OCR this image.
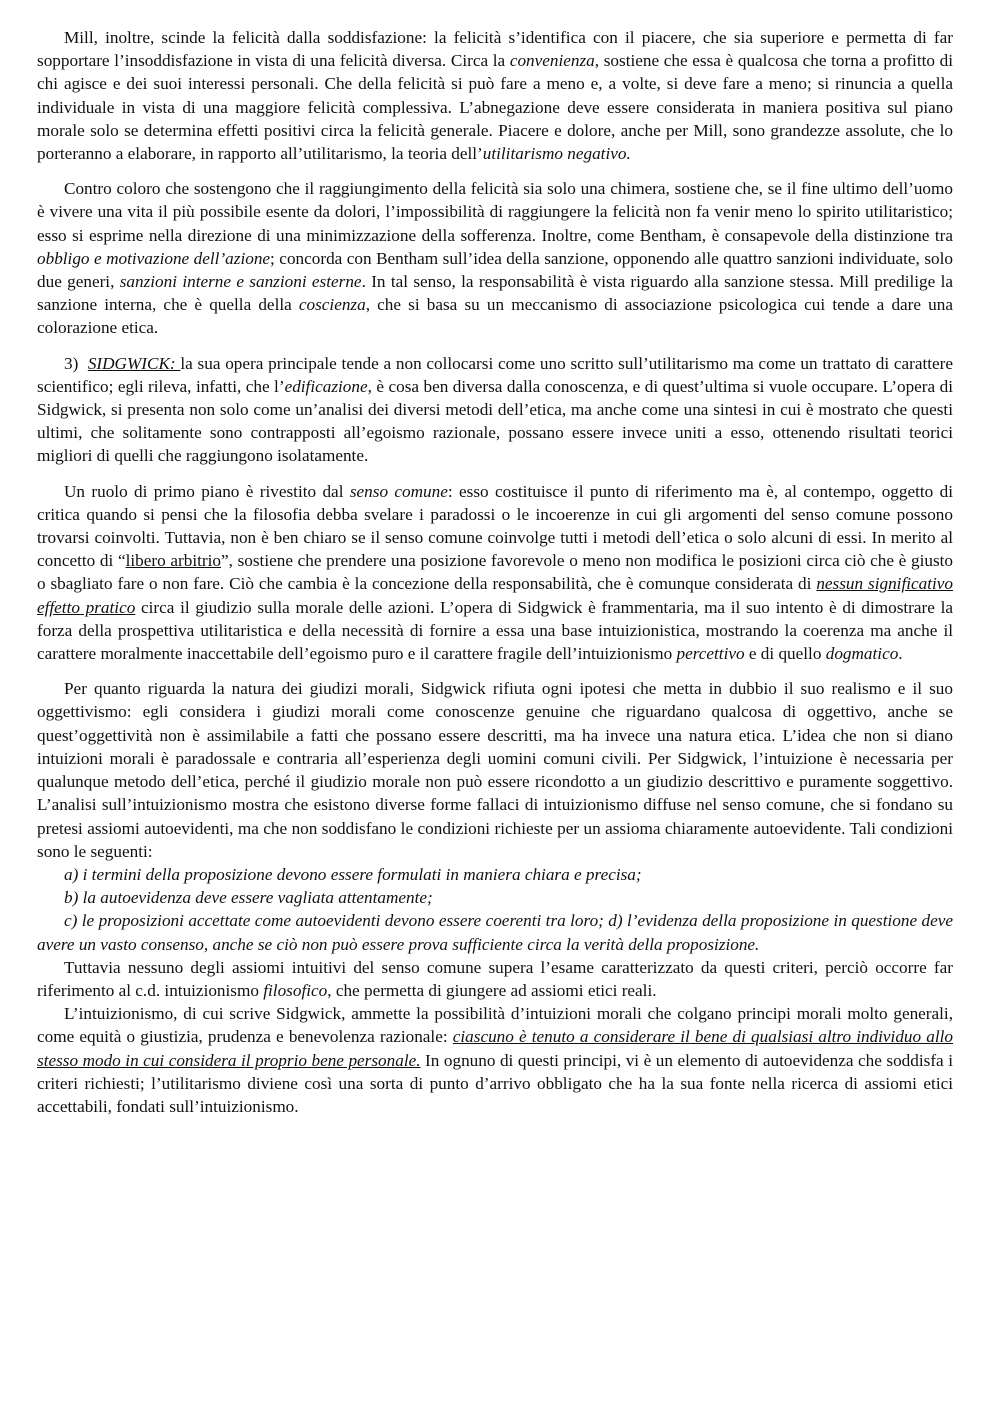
Mill, inoltre, scinde la felicità dalla soddisfazione: la felicità s’identifica con il piacere, che sia superiore e permetta di far sopportare l’insoddisfazione in vista di una felicità diversa. Circa la convenienza, sostiene che essa è qualcosa che torna a profitto di chi agisce e dei suoi interessi personali. Che della felicità si può fare a meno e, a volte, si deve fare a meno; si rinuncia a quella individuale in vista di una maggiore felicità complessiva. L’abnegazione deve essere considerata in maniera positiva sul piano morale solo se determina effetti positivi circa la felicità generale. Piacere e dolore, anche per Mill, sono grandezze assolute, che lo porteranno a elaborare, in rapporto all’utilitarismo, la teoria dell’utilitarismo negativo.

Contro coloro che sostengono che il raggiungimento della felicità sia solo una chimera, sostiene che, se il fine ultimo dell’uomo è vivere una vita il più possibile esente da dolori, l’impossibilità di raggiungere la felicità non fa venir meno lo spirito utilitaristico; esso si esprime nella direzione di una minimizzazione della sofferenza. Inoltre, come Bentham, è consapevole della distinzione tra obbligo e motivazione dell’azione; concorda con Bentham sull’idea della sanzione, opponendo alle quattro sanzioni individuate, solo due generi, sanzioni interne e sanzioni esterne. In tal senso, la responsabilità è vista riguardo alla sanzione stessa. Mill predilige la sanzione interna, che è quella della coscienza, che si basa su un meccanismo di associazione psicologica cui tende a dare una colorazione etica.

3)  SIDGWICK: la sua opera principale tende a non collocarsi come uno scritto sull’utilitarismo ma come un trattato di carattere scientifico; egli rileva, infatti, che l’edificazione, è cosa ben diversa dalla conoscenza, e di quest’ultima si vuole occupare. L’opera di Sidgwick, si presenta non solo come un’analisi dei diversi metodi dell’etica, ma anche come una sintesi in cui è mostrato che questi ultimi, che solitamente sono contrapposti all’egoismo razionale, possano essere invece uniti a esso, ottenendo risultati teorici migliori di quelli che raggiungono isolatamente.

Un ruolo di primo piano è rivestito dal senso comune: esso costituisce il punto di riferimento ma è, al contempo, oggetto di critica quando si pensi che la filosofia debba svelare i paradossi o le incoerenze in cui gli argomenti del senso comune possono trovarsi coinvolti. Tuttavia, non è ben chiaro se il senso comune coinvolge tutti i metodi dell’etica o solo alcuni di essi. In merito al concetto di “libero arbitrio”, sostiene che prendere una posizione favorevole o meno non modifica le posizioni circa ciò che è giusto o sbagliato fare o non fare. Ciò che cambia è la concezione della responsabilità, che è comunque considerata di nessun significativo effetto pratico circa il giudizio sulla morale delle azioni. L’opera di Sidgwick è frammentaria, ma il suo intento è di dimostrare la forza della prospettiva utilitaristica e della necessità di fornire a essa una base intuizionistica, mostrando la coerenza ma anche il carattere moralmente inaccettabile dell’egoismo puro e il carattere fragile dell’intuizionismo percettivo e di quello dogmatico.

Per quanto riguarda la natura dei giudizi morali, Sidgwick rifiuta ogni ipotesi che metta in dubbio il suo realismo e il suo oggettivismo: egli considera i giudizi morali come conoscenze genuine che riguardano qualcosa di oggettivo, anche se quest’oggettività non è assimilabile a fatti che possano essere descritti, ma ha invece una natura etica. L’idea che non si diano intuizioni morali è paradossale e contraria all’esperienza degli uomini comuni civili. Per Sidgwick, l’intuizione è necessaria per qualunque metodo dell’etica, perché il giudizio morale non può essere ricondotto a un giudizio descrittivo e puramente soggettivo. L’analisi sull’intuizionismo mostra che esistono diverse forme fallaci di intuizionismo diffuse nel senso comune, che si fondano su pretesi assiomi autoevidenti, ma che non soddisfano le condizioni richieste per un assioma chiaramente autoevidente. Tali condizioni sono le seguenti:

a) i termini della proposizione devono essere formulati in maniera chiara e precisa;

b) la autoevidenza deve essere vagliata attentamente;

c) le proposizioni accettate come autoevidenti devono essere coerenti tra loro; d) l’evidenza della proposizione in questione deve avere un vasto consenso, anche se ciò non può essere prova sufficiente circa la verità della proposizione.

Tuttavia nessuno degli assiomi intuitivi del senso comune supera l’esame caratterizzato da questi criteri, perciò occorre far riferimento al c.d. intuizionismo filosofico, che permetta di giungere ad assiomi etici reali.

L’intuizionismo, di cui scrive Sidgwick, ammette la possibilità d’intuizioni morali che colgano principi morali molto generali, come equità o giustizia, prudenza e benevolenza razionale: ciascuno è tenuto a considerare il bene di qualsiasi altro individuo allo stesso modo in cui considera il proprio bene personale. In ognuno di questi principi, vi è un elemento di autoevidenza che soddisfa i criteri richiesti; l’utilitarismo diviene così una sorta di punto d’arrivo obbligato che ha la sua fonte nella ricerca di assiomi etici accettabili, fondati sull’intuizionismo.
